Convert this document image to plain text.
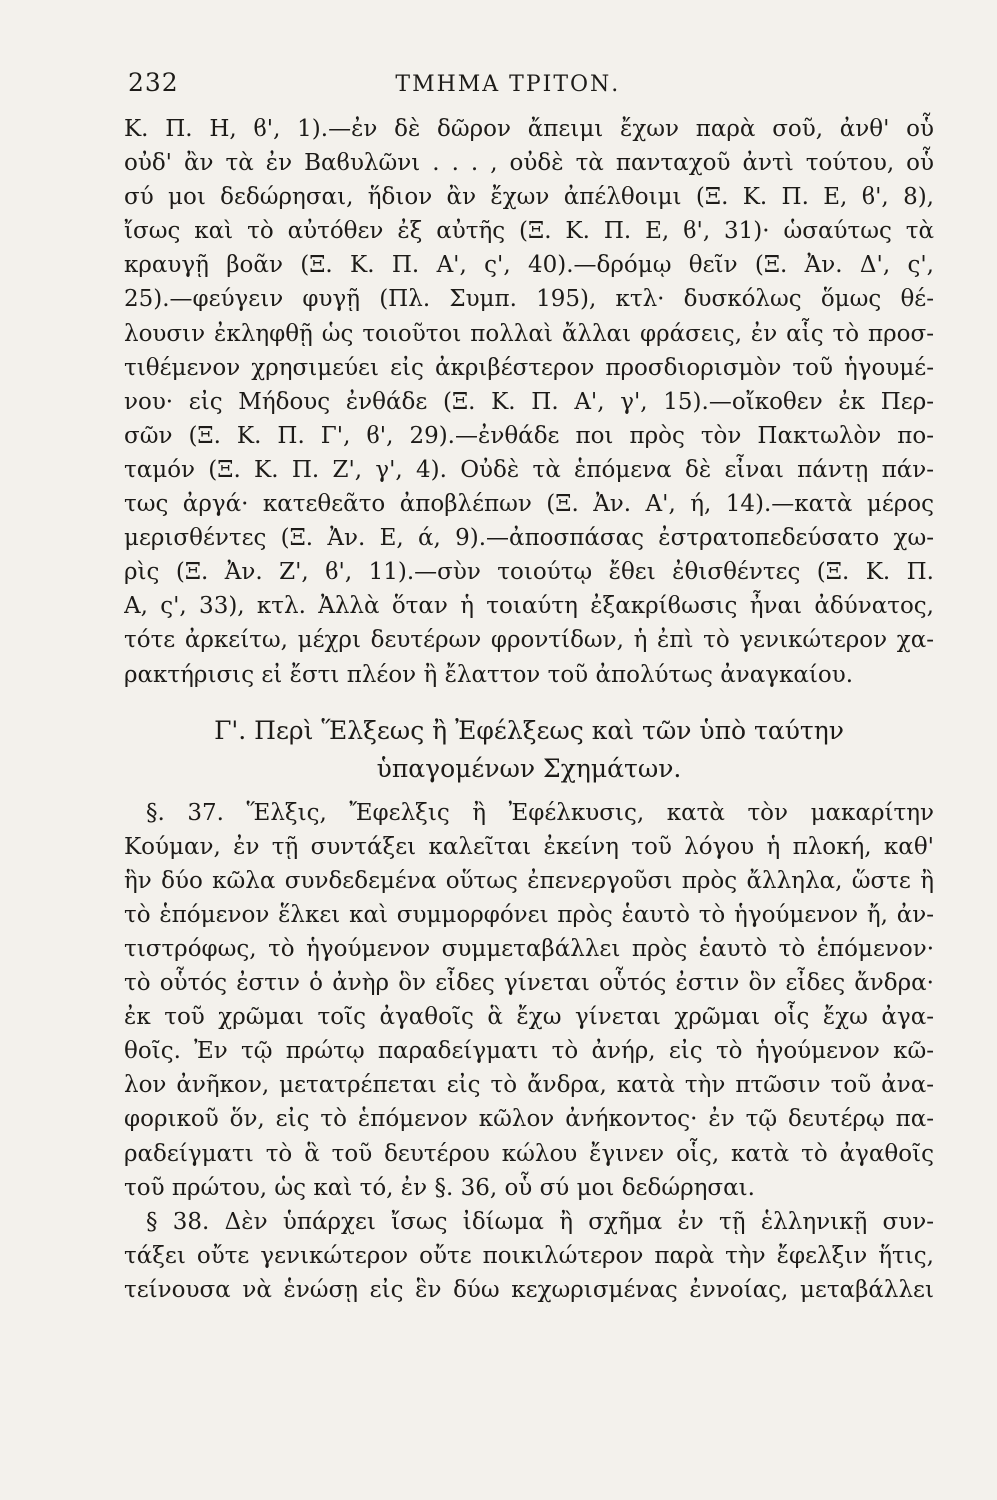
232	ΤΜΗΜΑ ΤΡΙΤΟΝ.
Κ. Π. Η, ϐ', 1).—ἐν δὲ δῶρον ἄπειμι ἔχων παρὰ σοῦ, ἀνθ' οὗ
οὐδ' ἂν τὰ ἐν Βαϐυλῶνι . . . , οὐδὲ τὰ πανταχοῦ ἀντὶ τούτου, οὗ
σύ μοι δεδώρησαι, ἥδιον ἂν ἔχων ἀπέλθοιμι (Ξ. Κ. Π. Ε, ϐ', 8),
ἴσως καὶ τὸ αὐτόθεν ἐξ αὐτῆς (Ξ. Κ. Π. Ε, ϐ', 31)· ὡσαύτως τὰ
κραυγῇ βοᾶν (Ξ. Κ. Π. Α', ς', 40).—δρόμῳ θεῖν (Ξ. Ἀν. Δ', ς',
25).—φεύγειν φυγῇ (Πλ. Συμπ. 195), κτλ· δυσκόλως ὅμως θέ-
λουσιν ἐκληφθῇ ὡς τοιοῦτοι πολλαὶ ἄλλαι φράσεις, ἐν αἷς τὸ προσ-
τιθέμενον χρησιμεύει εἰς ἀκριβέστερον προσδιορισμὸν τοῦ ἡγουμέ-
νου· εἰς Μήδους ἐνθάδε (Ξ. Κ. Π. Α', γ', 15).—οἴκοθεν ἐκ Περ-
σῶν (Ξ. Κ. Π. Γ', ϐ', 29).—ἐνθάδε ποι πρὸς τὸν Πακτωλὸν πο-
ταμόν (Ξ. Κ. Π. Ζ', γ', 4). Οὐδὲ τὰ ἑπόμενα δὲ εἶναι πάντῃ πάν-
τως ἀργά· κατεθεᾶτο ἀποβλέπων (Ξ. Ἀν. Α', ή, 14).—κατὰ μέρος
μερισθέντες (Ξ. Ἀν. Ε, ά, 9).—ἀποσπάσας ἐστρατοπεδεύσατο χω-
ρὶς (Ξ. Ἀν. Ζ', ϐ', 11).—σὺν τοιούτῳ ἔθει ἐθισθέντες (Ξ. Κ. Π.
Α, ς', 33), κτλ. Ἀλλὰ ὅταν ἡ τοιαύτη ἐξακρίϐωσις ἦναι ἀδύνατος,
τότε ἀρκείτω, μέχρι δευτέρων φροντίδων, ἡ ἐπὶ τὸ γενικώτερον χα-
ρακτήρισις εἰ ἔστι πλέον ἢ ἔλαττον τοῦ ἀπολύτως ἀναγκαίου.
Γ'. Περὶ Ἕλξεως ἢ Ἐφέλξεως καὶ τῶν ὑπὸ ταύτην
ὑπαγομένων Σχημάτων.
§. 37. Ἕλξις, Ἔφελξις ἢ Ἐφέλκυσις, κατὰ τὸν μακαρίτην
Κούμαν, ἐν τῇ συντάξει καλεῖται ἐκείνη τοῦ λόγου ἡ πλοκή, καθ'
ἣν δύο κῶλα συνδεδεμένα οὕτως ἐπενεργοῦσι πρὸς ἄλληλα, ὥστε ἢ
τὸ ἑπόμενον ἕλκει καὶ συμμορφόνει πρὸς ἑαυτὸ τὸ ἡγούμενον ἤ, ἀν-
τιστρόφως, τὸ ἡγούμενον συμμεταβάλλει πρὸς ἑαυτὸ τὸ ἑπόμενον·
τὸ οὗτός ἐστιν ὁ ἀνὴρ ὃν εἶδες γίνεται οὗτός ἐστιν ὃν εἶδες ἄνδρα·
ἐκ τοῦ χρῶμαι τοῖς ἀγαθοῖς ἃ ἔχω γίνεται χρῶμαι οἷς ἔχω ἀγα-
θοῖς. Ἐν τῷ πρώτῳ παραδείγματι τὸ ἀνήρ, εἰς τὸ ἡγούμενον κῶ-
λον ἀνῆκον, μετατρέπεται εἰς τὸ ἄνδρα, κατὰ τὴν πτῶσιν τοῦ ἀνα-
φορικοῦ ὅν, εἰς τὸ ἑπόμενον κῶλον ἀνήκοντος· ἐν τῷ δευτέρῳ πα-
ραδείγματι τὸ ἃ τοῦ δευτέρου κώλου ἔγινεν οἷς, κατὰ τὸ ἀγαθοῖς
τοῦ πρώτου, ὡς καὶ τό, ἐν §. 36, οὗ σύ μοι δεδώρησαι.
§ 38. Δὲν ὑπάρχει ἴσως ἰδίωμα ἢ σχῆμα ἐν τῇ ἑλληνικῇ συν-
τάξει οὔτε γενικώτερον οὔτε ποικιλώτερον παρὰ τὴν ἔφελξιν ἥτις,
τείνουσα νὰ ἑνώσῃ εἰς ἓν δύω κεχωρισμένας ἐννοίας, μεταβάλλει
